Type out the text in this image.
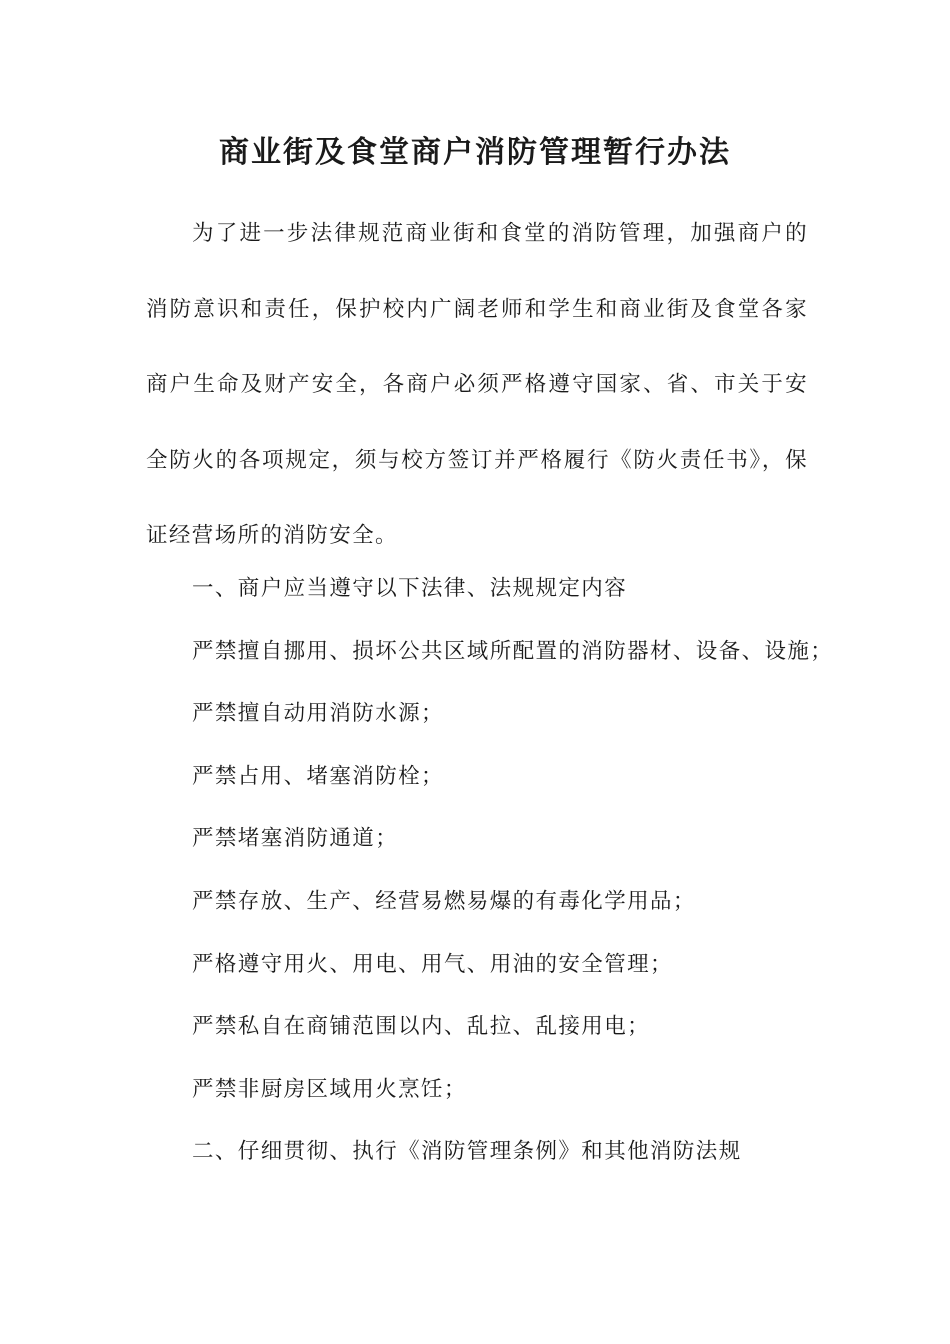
商业街及食堂商户消防管理暂行办法

为了进一步法律规范商业街和食堂的消防管理，加强商户的消防意识和责任，保护校内广阔老师和学生和商业街及食堂各家商户生命及财产安全，各商户必须严格遵守国家、省、市关于安全防火的各项规定，须与校方签订并严格履行《防火责任书》，保证经营场所的消防安全。

一、商户应当遵守以下法律、法规规定内容
严禁擅自挪用、损坏公共区域所配置的消防器材、设备、设施；
严禁擅自动用消防水源；
严禁占用、堵塞消防栓；
严禁堵塞消防通道；
严禁存放、生产、经营易燃易爆的有毒化学用品；
严格遵守用火、用电、用气、用油的安全管理；
严禁私自在商铺范围以内、乱拉、乱接用电；
严禁非厨房区域用火烹饪；
二、仔细贯彻、执行《消防管理条例》和其他消防法规
